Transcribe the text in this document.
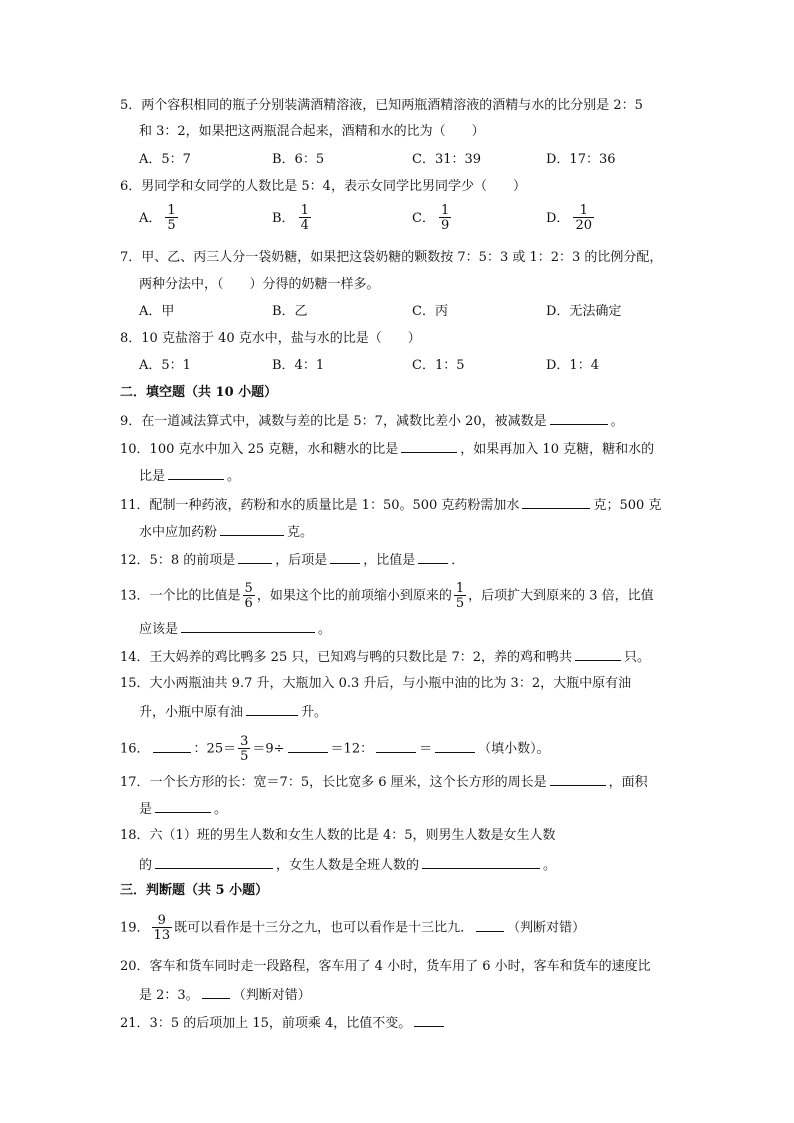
5．两个容积相同的瓶子分别装满酒精溶液，已知两瓶酒精溶液的酒精与水的比分别是 2：5
和 3：2，如果把这两瓶混合起来，酒精和水的比为（　　）
A．5：7	B．6：5	C．31：39	D．17：36
6．男同学和女同学的人数比是 5：4，表示女同学比男同学少（　　）
A． $\frac{1}{5}$	B． $\frac{1}{4}$	C． $\frac{1}{9}$	D． $\frac{1}{20}$
7．甲、乙、丙三人分一袋奶糖，如果把这袋奶糖的颗数按 7：5：3 或 1：2：3 的比例分配，
两种分法中，（　　）分得的奶糖一样多。
A．甲	B．乙	C．丙	D．无法确定
8．10 克盐溶于 40 克水中，盐与水的比是（　　）
A．5：1	B．4：1	C．1：5	D．1：4
二．填空题（共 10 小题）
9．在一道减法算式中，减数与差的比是 5：7，减数比差小 20，被减数是	。
10．100 克水中加入 25 克糖，水和糖水的比是	，如果再加入 10 克糖，糖和水的
比是	。
11．配制一种药液，药粉和水的质量比是 1：50。500 克药粉需加水	克；500 克
水中应加药粉	克。
12．5：8 的前项是	，后项是	，比值是	．
13．一个比的比值是 $\frac{5}{6}$ ，如果这个比的前项缩小到原来的 $\frac{1}{5}$ ，后项扩大到原来的 3 倍，比值
应该是	。
14．王大妈养的鸡比鸭多 25 只，已知鸡与鸭的只数比是 7：2，养的鸡和鸭共	只。
15．大小两瓶油共 9.7 升，大瓶加入 0.3 升后，与小瓶中油的比为 3：2，大瓶中原有油
升，小瓶中原有油	升。
16．	：$25= \frac{3}{5} =9\div$	＝12：	＝	（填小数）。
17．一个长方形的长：宽＝7：5，长比宽多 6 厘米，这个长方形的周长是	，面积
是	。
18．六（1）班的男生人数和女生人数的比是 4：5，则男生人数是女生人数
的	，女生人数是全班人数的	。
三．判断题（共 5 小题）
19． $\frac{9}{13}$ 既可以看作是十三分之九，也可以看作是十三比九．	（判断对错）
20．客车和货车同时走一段路程，客车用了 4 小时，货车用了 6 小时，客车和货车的速度比
是 2：3。	（判断对错）
21．3：5 的后项加上 15，前项乘 4，比值不变。
